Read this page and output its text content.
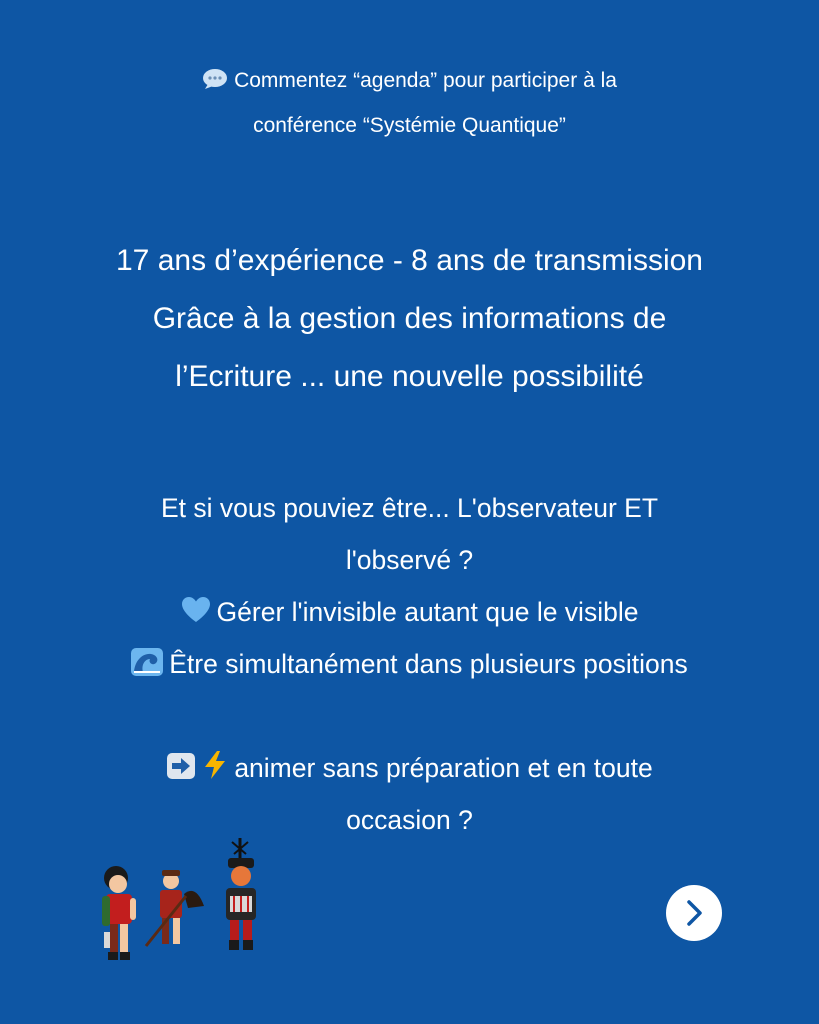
Commentez “agenda” pour participer à la
conférence “Systémie Quantique”
17 ans d’expérience - 8 ans de transmission
Grâce à la gestion des informations de
l’Ecriture ... une nouvelle possibilité
Et si vous pouviez être... L'observateur ET
l'observé ?
Gérer l'invisible autant que le visible
Être simultanément dans plusieurs positions
animer sans préparation et en toute
occasion ?
